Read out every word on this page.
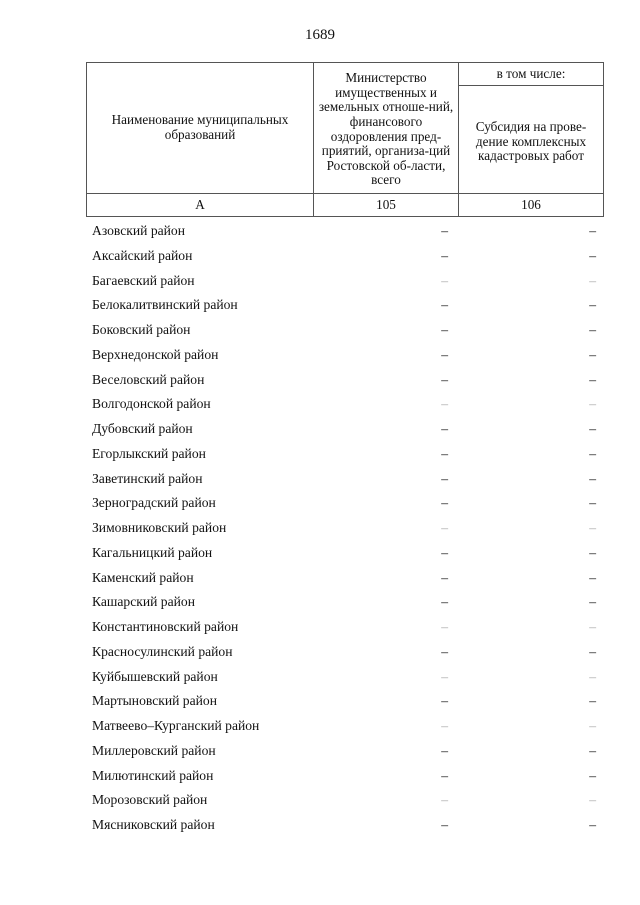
1689
Наименование муниципальных образований	Министерство имущественных и земельных отноше-ний, финансового оздоровления пред-приятий, организа-ций Ростовской об-ласти, всего	в том числе:
		Субсидия на прове-дение комплексных кадастровых работ
А	105	106
Азовский район	–	–
Аксайский район	–	–
Багаевский район	–	–
Белокалитвинский район	–	–
Боковский район	–	–
Верхнедонской район	–	–
Веселовский район	–	–
Волгодонской район	–	–
Дубовский район	–	–
Егорлыкский район	–	–
Заветинский район	–	–
Зерноградский район	–	–
Зимовниковский район	–	–
Кагальницкий район	–	–
Каменский район	–	–
Кашарский район	–	–
Константиновский район	–	–
Красносулинский район	–	–
Куйбышевский район	–	–
Мартыновский район	–	–
Матвеево–Курганский район	–	–
Миллеровский район	–	–
Милютинский район	–	–
Морозовский район	–	–
Мясниковский район	–	–
